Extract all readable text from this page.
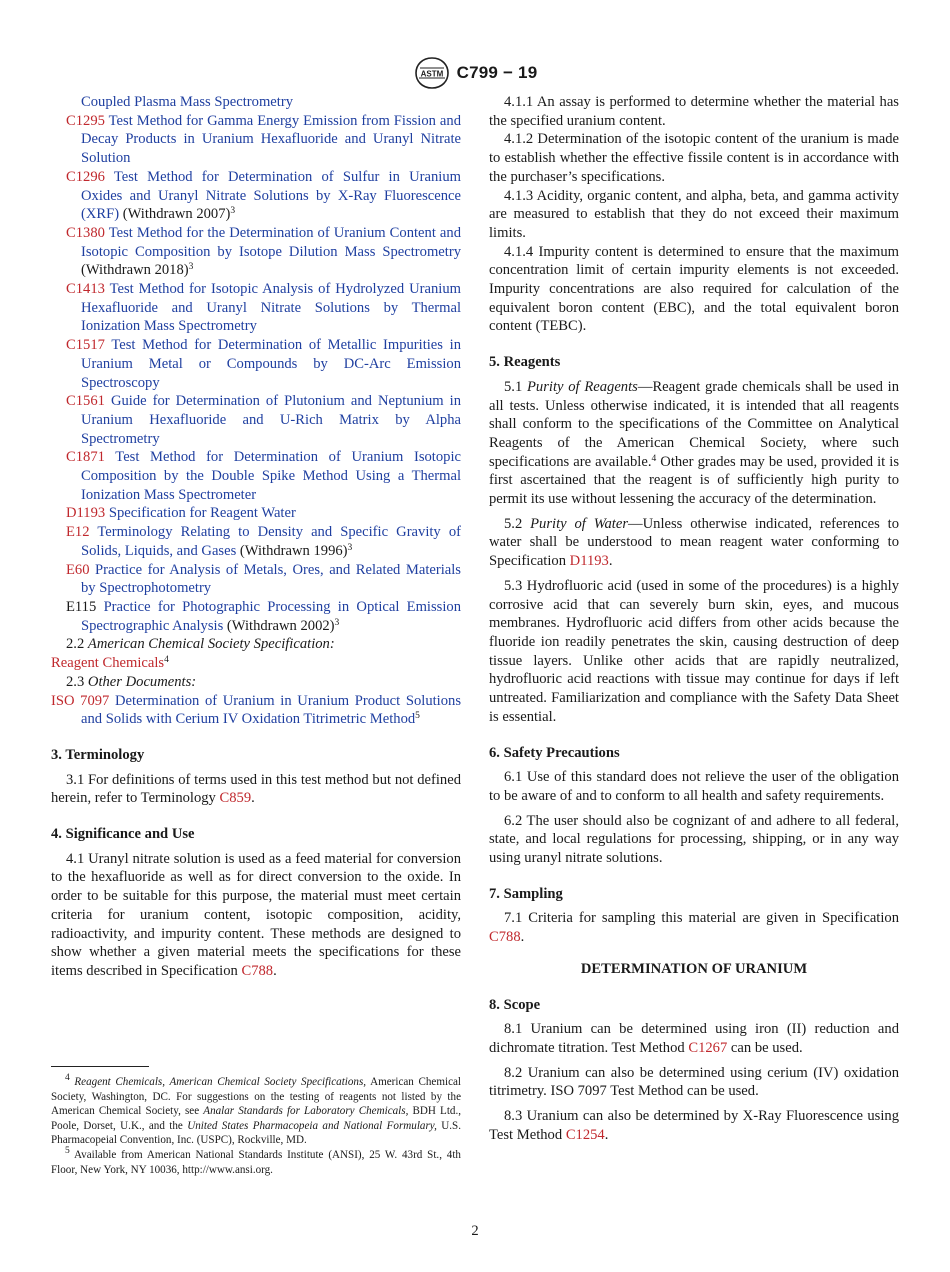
ASTM C799 − 19
Coupled Plasma Mass Spectrometry
C1295 Test Method for Gamma Energy Emission from Fission and Decay Products in Uranium Hexafluoride and Uranyl Nitrate Solution
C1296 Test Method for Determination of Sulfur in Uranium Oxides and Uranyl Nitrate Solutions by X-Ray Fluorescence (XRF) (Withdrawn 2007)$^3$
C1380 Test Method for the Determination of Uranium Content and Isotopic Composition by Isotope Dilution Mass Spectrometry (Withdrawn 2018)$^3$
C1413 Test Method for Isotopic Analysis of Hydrolyzed Uranium Hexafluoride and Uranyl Nitrate Solutions by Thermal Ionization Mass Spectrometry
C1517 Test Method for Determination of Metallic Impurities in Uranium Metal or Compounds by DC-Arc Emission Spectroscopy
C1561 Guide for Determination of Plutonium and Neptunium in Uranium Hexafluoride and U-Rich Matrix by Alpha Spectrometry
C1871 Test Method for Determination of Uranium Isotopic Composition by the Double Spike Method Using a Thermal Ionization Mass Spectrometer
D1193 Specification for Reagent Water
E12 Terminology Relating to Density and Specific Gravity of Solids, Liquids, and Gases (Withdrawn 1996)$^3$
E60 Practice for Analysis of Metals, Ores, and Related Materials by Spectrophotometry
E115 Practice for Photographic Processing in Optical Emission Spectrographic Analysis (Withdrawn 2002)$^3$

2.2 American Chemical Society Specification:

Reagent Chemicals$^4$

2.3 Other Documents:

ISO 7097 Determination of Uranium in Uranium Product Solutions and Solids with Cerium IV Oxidation Titrimetric Method$^5$

3. Terminology

3.1 For definitions of terms used in this test method but not defined herein, refer to Terminology C859.

4. Significance and Use

4.1 Uranyl nitrate solution is used as a feed material for conversion to the hexafluoride as well as for direct conversion to the oxide. In order to be suitable for this purpose, the material must meet certain criteria for uranium content, isotopic composition, acidity, radioactivity, and impurity content. These methods are designed to show whether a given material meets the specifications for these items described in Specification C788.

4.1.1 An assay is performed to determine whether the material has the specified uranium content.

4.1.2 Determination of the isotopic content of the uranium is made to establish whether the effective fissile content is in accordance with the purchaser’s specifications.

4.1.3 Acidity, organic content, and alpha, beta, and gamma activity are measured to establish that they do not exceed their maximum limits.

4.1.4 Impurity content is determined to ensure that the maximum concentration limit of certain impurity elements is not exceeded. Impurity concentrations are also required for calculation of the equivalent boron content (EBC), and the total equivalent boron content (TEBC).

5. Reagents

5.1 Purity of Reagents—Reagent grade chemicals shall be used in all tests. Unless otherwise indicated, it is intended that all reagents shall conform to the specifications of the Committee on Analytical Reagents of the American Chemical Society, where such specifications are available.$^4$ Other grades may be used, provided it is first ascertained that the reagent is of sufficiently high purity to permit its use without lessening the accuracy of the determination.

5.2 Purity of Water—Unless otherwise indicated, references to water shall be understood to mean reagent water conforming to Specification D1193.

5.3 Hydrofluoric acid (used in some of the procedures) is a highly corrosive acid that can severely burn skin, eyes, and mucous membranes. Hydrofluoric acid differs from other acids because the fluoride ion readily penetrates the skin, causing destruction of deep tissue layers. Unlike other acids that are rapidly neutralized, hydrofluoric acid reactions with tissue may continue for days if left untreated. Familiarization and compliance with the Safety Data Sheet is essential.

6. Safety Precautions

6.1 Use of this standard does not relieve the user of the obligation to be aware of and to conform to all health and safety requirements.

6.2 The user should also be cognizant of and adhere to all federal, state, and local regulations for processing, shipping, or in any way using uranyl nitrate solutions.

7. Sampling

7.1 Criteria for sampling this material are given in Specification C788.

DETERMINATION OF URANIUM

8. Scope

8.1 Uranium can be determined using iron (II) reduction and dichromate titration. Test Method C1267 can be used.

8.2 Uranium can also be determined using cerium (IV) oxidation titrimetry. ISO 7097 Test Method can be used.

8.3 Uranium can also be determined by X-Ray Fluorescence using Test Method C1254.

$^4$ Reagent Chemicals, American Chemical Society Specifications, American Chemical Society, Washington, DC. For suggestions on the testing of reagents not listed by the American Chemical Society, see Analar Standards for Laboratory Chemicals, BDH Ltd., Poole, Dorset, U.K., and the United States Pharmacopeia and National Formulary, U.S. Pharmacopeial Convention, Inc. (USPC), Rockville, MD.

$^5$ Available from American National Standards Institute (ANSI), 25 W. 43rd St., 4th Floor, New York, NY 10036, http://www.ansi.org.

2
